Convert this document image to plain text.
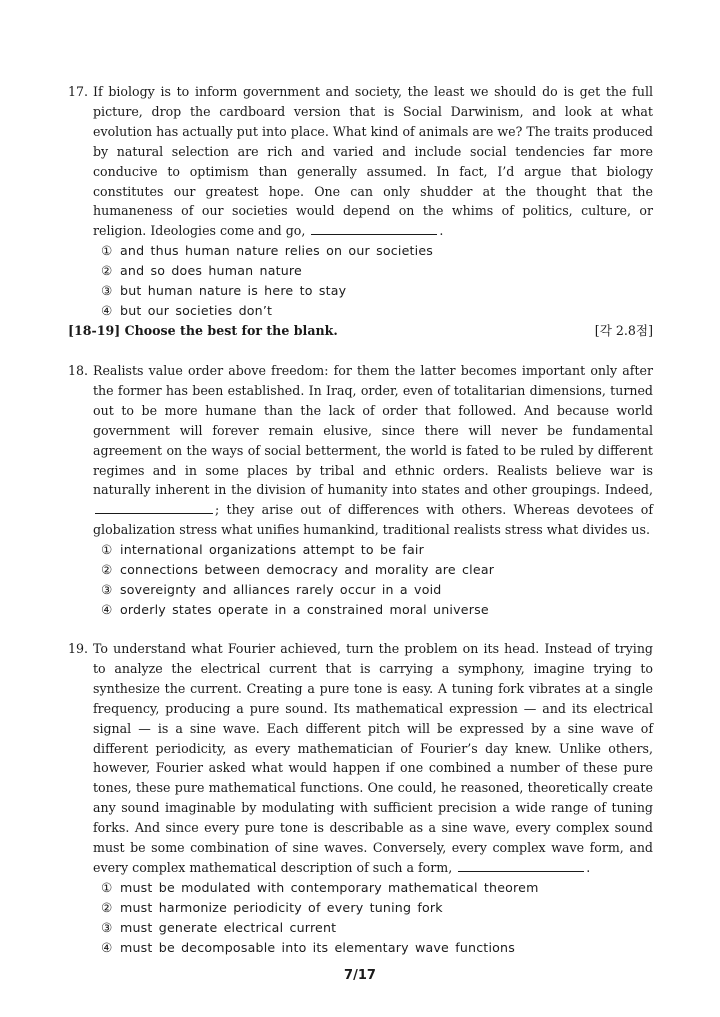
17. If biology is to inform government and society, the least we should do is get the full picture, drop the cardboard version that is Social Darwinism, and look at what evolution has actually put into place. What kind of animals are we? The traits produced by natural selection are rich and varied and include social tendencies far more conducive to optimism than generally assumed. In fact, I’d argue that biology constitutes our greatest hope. One can only shudder at the thought that the humaneness of our societies would depend on the whims of politics, culture, or religion. Ideologies come and go,	.

① and thus human nature relies on our societies
② and so does human nature
③ but human nature is here to stay
④ but our societies don’t
[18-19] Choose the best for the blank.	[각 2.8점]

18. Realists value order above freedom: for them the latter becomes important only after the former has been established. In Iraq, order, even of totalitarian dimensions, turned out to be more humane than the lack of order that followed. And because world government will forever remain elusive, since there will never be fundamental agreement on the ways of social betterment, the world is fated to be ruled by different regimes and in some places by tribal and ethnic orders. Realists believe war is naturally inherent in the division of humanity into states and other groupings. Indeed, ; they arise out of differences with others. Whereas devotees of globalization stress what unifies humankind, traditional realists stress what divides us.

① international organizations attempt to be fair
② connections between democracy and morality are clear
③ sovereignty and alliances rarely occur in a void
④ orderly states operate in a constrained moral universe

19. To understand what Fourier achieved, turn the problem on its head. Instead of trying to analyze the electrical current that is carrying a symphony, imagine trying to synthesize the current. Creating a pure tone is easy. A tuning fork vibrates at a single frequency, producing a pure sound. Its mathematical expression — and its electrical signal — is a sine wave. Each different pitch will be expressed by a sine wave of different periodicity, as every mathematician of Fourier’s day knew. Unlike others, however, Fourier asked what would happen if one combined a number of these pure tones, these pure mathematical functions. One could, he reasoned, theoretically create any sound imaginable by modulating with sufficient precision a wide range of tuning forks. And since every pure tone is describable as a sine wave, every complex sound must be some combination of sine waves. Conversely, every complex wave form, and every complex mathematical description of such a form,	.

① must be modulated with contemporary mathematical theorem
② must harmonize periodicity of every tuning fork
③ must generate electrical current
④ must be decomposable into its elementary wave functions
7/17
